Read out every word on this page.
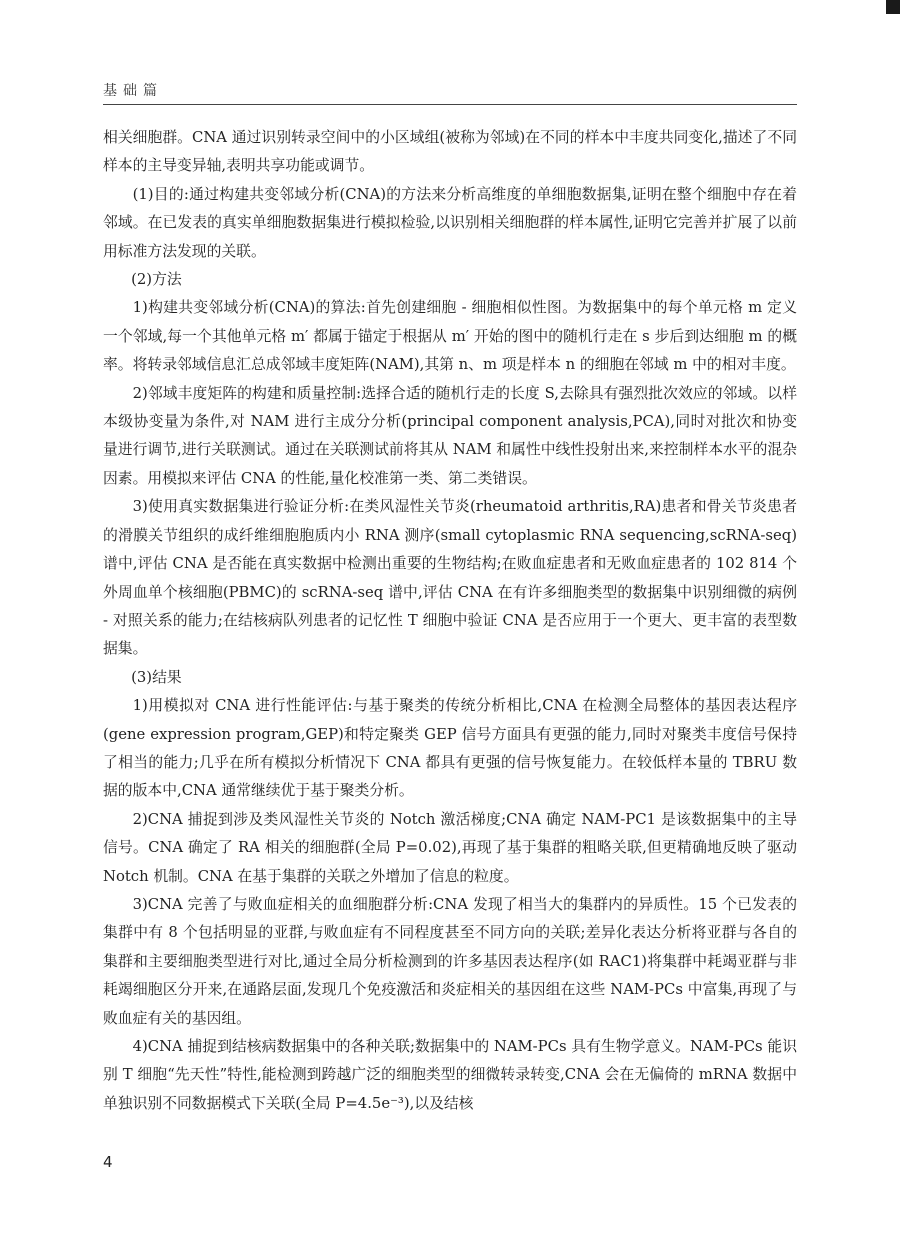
基础篇

相关细胞群。CNA 通过识别转录空间中的小区域组(被称为邻域)在不同的样本中丰度共同变化,描述了不同样本的主导变异轴,表明共享功能或调节。

(1)目的:通过构建共变邻域分析(CNA)的方法来分析高维度的单细胞数据集,证明在整个细胞中存在着邻域。在已发表的真实单细胞数据集进行模拟检验,以识别相关细胞群的样本属性,证明它完善并扩展了以前用标准方法发现的关联。

(2)方法

1)构建共变邻域分析(CNA)的算法:首先创建细胞 - 细胞相似性图。为数据集中的每个单元格 m 定义一个邻域,每一个其他单元格 m′ 都属于锚定于根据从 m′ 开始的图中的随机行走在 s 步后到达细胞 m 的概率。将转录邻域信息汇总成邻域丰度矩阵(NAM),其第 n、m 项是样本 n 的细胞在邻域 m 中的相对丰度。

2)邻域丰度矩阵的构建和质量控制:选择合适的随机行走的长度 S,去除具有强烈批次效应的邻域。以样本级协变量为条件,对 NAM 进行主成分分析(principal component analysis,PCA),同时对批次和协变量进行调节,进行关联测试。通过在关联测试前将其从 NAM 和属性中线性投射出来,来控制样本水平的混杂因素。用模拟来评估 CNA 的性能,量化校准第一类、第二类错误。

3)使用真实数据集进行验证分析:在类风湿性关节炎(rheumatoid arthritis,RA)患者和骨关节炎患者的滑膜关节组织的成纤维细胞胞质内小 RNA 测序(small cytoplasmic RNA sequencing,scRNA-seq)谱中,评估 CNA 是否能在真实数据中检测出重要的生物结构;在败血症患者和无败血症患者的 102 814 个外周血单个核细胞(PBMC)的 scRNA-seq 谱中,评估 CNA 在有许多细胞类型的数据集中识别细微的病例 - 对照关系的能力;在结核病队列患者的记忆性 T 细胞中验证 CNA 是否应用于一个更大、更丰富的表型数据集。

(3)结果

1)用模拟对 CNA 进行性能评估:与基于聚类的传统分析相比,CNA 在检测全局整体的基因表达程序(gene expression program,GEP)和特定聚类 GEP 信号方面具有更强的能力,同时对聚类丰度信号保持了相当的能力;几乎在所有模拟分析情况下 CNA 都具有更强的信号恢复能力。在较低样本量的 TBRU 数据的版本中,CNA 通常继续优于基于聚类分析。

2)CNA 捕捉到涉及类风湿性关节炎的 Notch 激活梯度;CNA 确定 NAM-PC1 是该数据集中的主导信号。CNA 确定了 RA 相关的细胞群(全局 P=0.02),再现了基于集群的粗略关联,但更精确地反映了驱动 Notch 机制。CNA 在基于集群的关联之外增加了信息的粒度。

3)CNA 完善了与败血症相关的血细胞群分析:CNA 发现了相当大的集群内的异质性。15 个已发表的集群中有 8 个包括明显的亚群,与败血症有不同程度甚至不同方向的关联;差异化表达分析将亚群与各自的集群和主要细胞类型进行对比,通过全局分析检测到的许多基因表达程序(如 RAC1)将集群中耗竭亚群与非耗竭细胞区分开来,在通路层面,发现几个免疫激活和炎症相关的基因组在这些 NAM-PCs 中富集,再现了与败血症有关的基因组。

4)CNA 捕捉到结核病数据集中的各种关联;数据集中的 NAM-PCs 具有生物学意义。NAM-PCs 能识别 T 细胞“先天性”特性,能检测到跨越广泛的细胞类型的细微转录转变,CNA 会在无偏倚的 mRNA 数据中单独识别不同数据模式下关联(全局 P=4.5e⁻³),以及结核

4
